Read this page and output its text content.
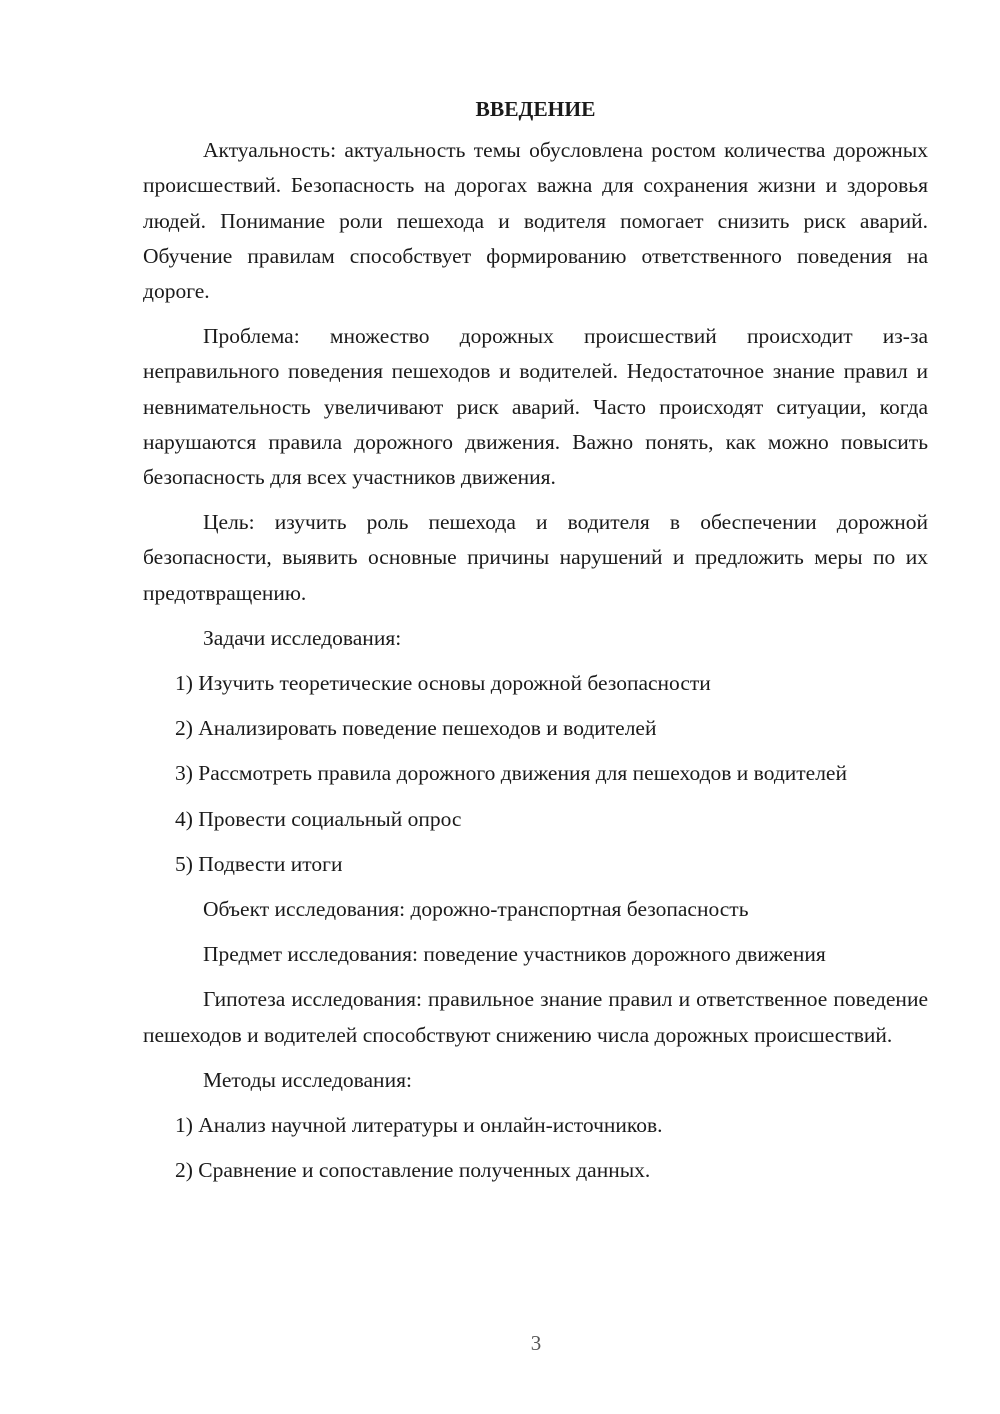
ВВЕДЕНИЕ

Актуальность: актуальность темы обусловлена ростом количества дорожных происшествий. Безопасность на дорогах важна для сохранения жизни и здоровья людей. Понимание роли пешехода и водителя помогает снизить риск аварий. Обучение правилам способствует формированию ответственного поведения на дороге.

Проблема: множество дорожных происшествий происходит из-за неправильного поведения пешеходов и водителей. Недостаточное знание правил и невнимательность увеличивают риск аварий. Часто происходят ситуации, когда нарушаются правила дорожного движения. Важно понять, как можно повысить безопасность для всех участников движения.

Цель: изучить роль пешехода и водителя в обеспечении дорожной безопасности, выявить основные причины нарушений и предложить меры по их предотвращению.

Задачи исследования:

1) Изучить теоретические основы дорожной безопасности

2) Анализировать поведение пешеходов и водителей

3) Рассмотреть правила дорожного движения для пешеходов и водителей

4) Провести социальный опрос

5) Подвести итоги

Объект исследования: дорожно-транспортная безопасность

Предмет исследования: поведение участников дорожного движения

Гипотеза исследования: правильное знание правил и ответственное поведение пешеходов и водителей способствуют снижению числа дорожных происшествий.

Методы исследования:

1) Анализ научной литературы и онлайн-источников.

2) Сравнение и сопоставление полученных данных.

3
